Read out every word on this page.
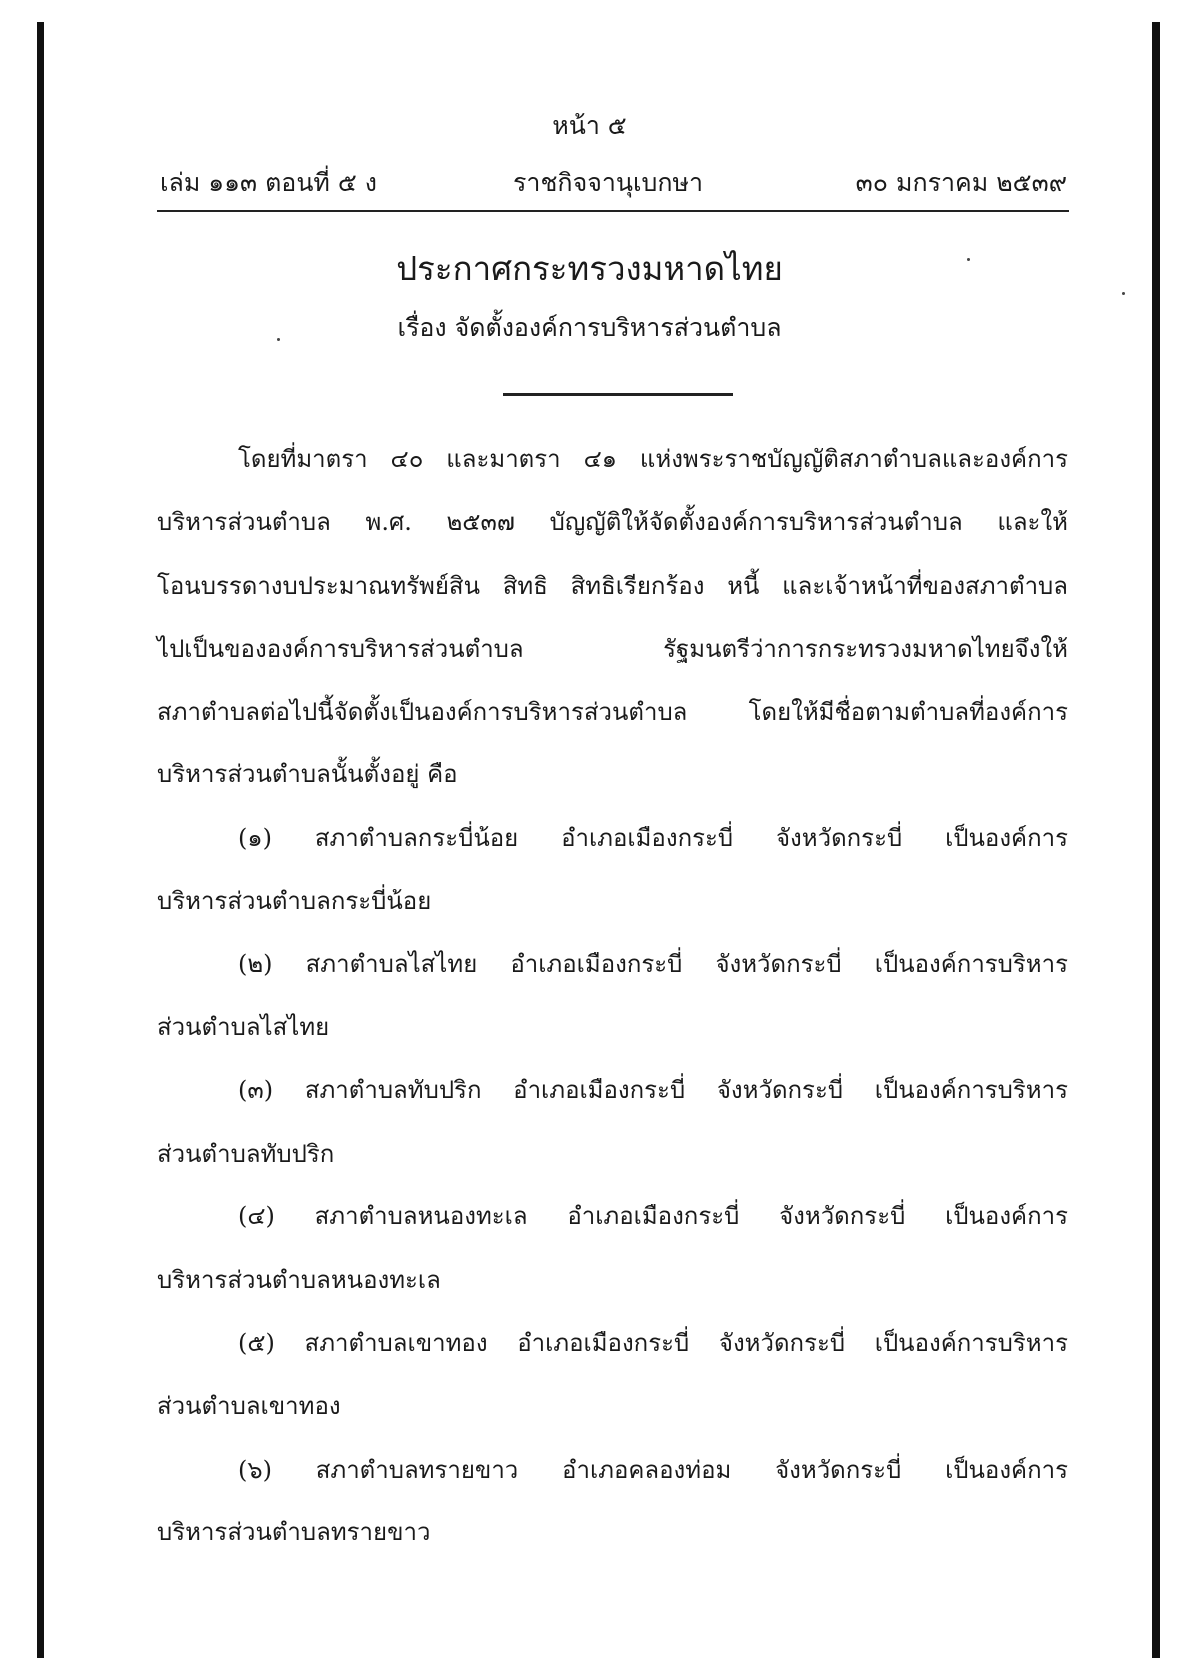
หน้า ๕
เล่ม ๑๑๓ ตอนที่ ๕ ง	ราชกิจจานุเบกษา	๓๐ มกราคม ๒๕๓๙
ประกาศกระทรวงมหาดไทย
เรื่อง จัดตั้งองค์การบริหารส่วนตำบล
โดยที่มาตรา ๔๐ และมาตรา ๔๑ แห่งพระราชบัญญัติสภาตำบลและองค์การ
บริหารส่วนตำบล พ.ศ. ๒๕๓๗ บัญญัติให้จัดตั้งองค์การบริหารส่วนตำบล และให้
โอนบรรดางบประมาณทรัพย์สิน สิทธิ สิทธิเรียกร้อง หนี้ และเจ้าหน้าที่ของสภาตำบล
ไปเป็นขององค์การบริหารส่วนตำบล รัฐมนตรีว่าการกระทรวงมหาดไทยจึงให้
สภาตำบลต่อไปนี้จัดตั้งเป็นองค์การบริหารส่วนตำบล โดยให้มีชื่อตามตำบลที่องค์การ
บริหารส่วนตำบลนั้นตั้งอยู่ คือ
(๑) สภาตำบลกระบี่น้อย อำเภอเมืองกระบี่ จังหวัดกระบี่ เป็นองค์การ
บริหารส่วนตำบลกระบี่น้อย
(๒) สภาตำบลไสไทย อำเภอเมืองกระบี่ จังหวัดกระบี่ เป็นองค์การบริหาร
ส่วนตำบลไสไทย
(๓) สภาตำบลทับปริก อำเภอเมืองกระบี่ จังหวัดกระบี่ เป็นองค์การบริหาร
ส่วนตำบลทับปริก
(๔) สภาตำบลหนองทะเล อำเภอเมืองกระบี่ จังหวัดกระบี่ เป็นองค์การ
บริหารส่วนตำบลหนองทะเล
(๕) สภาตำบลเขาทอง อำเภอเมืองกระบี่ จังหวัดกระบี่ เป็นองค์การบริหาร
ส่วนตำบลเขาทอง
(๖) สภาตำบลทรายขาว อำเภอคลองท่อม จังหวัดกระบี่ เป็นองค์การ
บริหารส่วนตำบลทรายขาว
